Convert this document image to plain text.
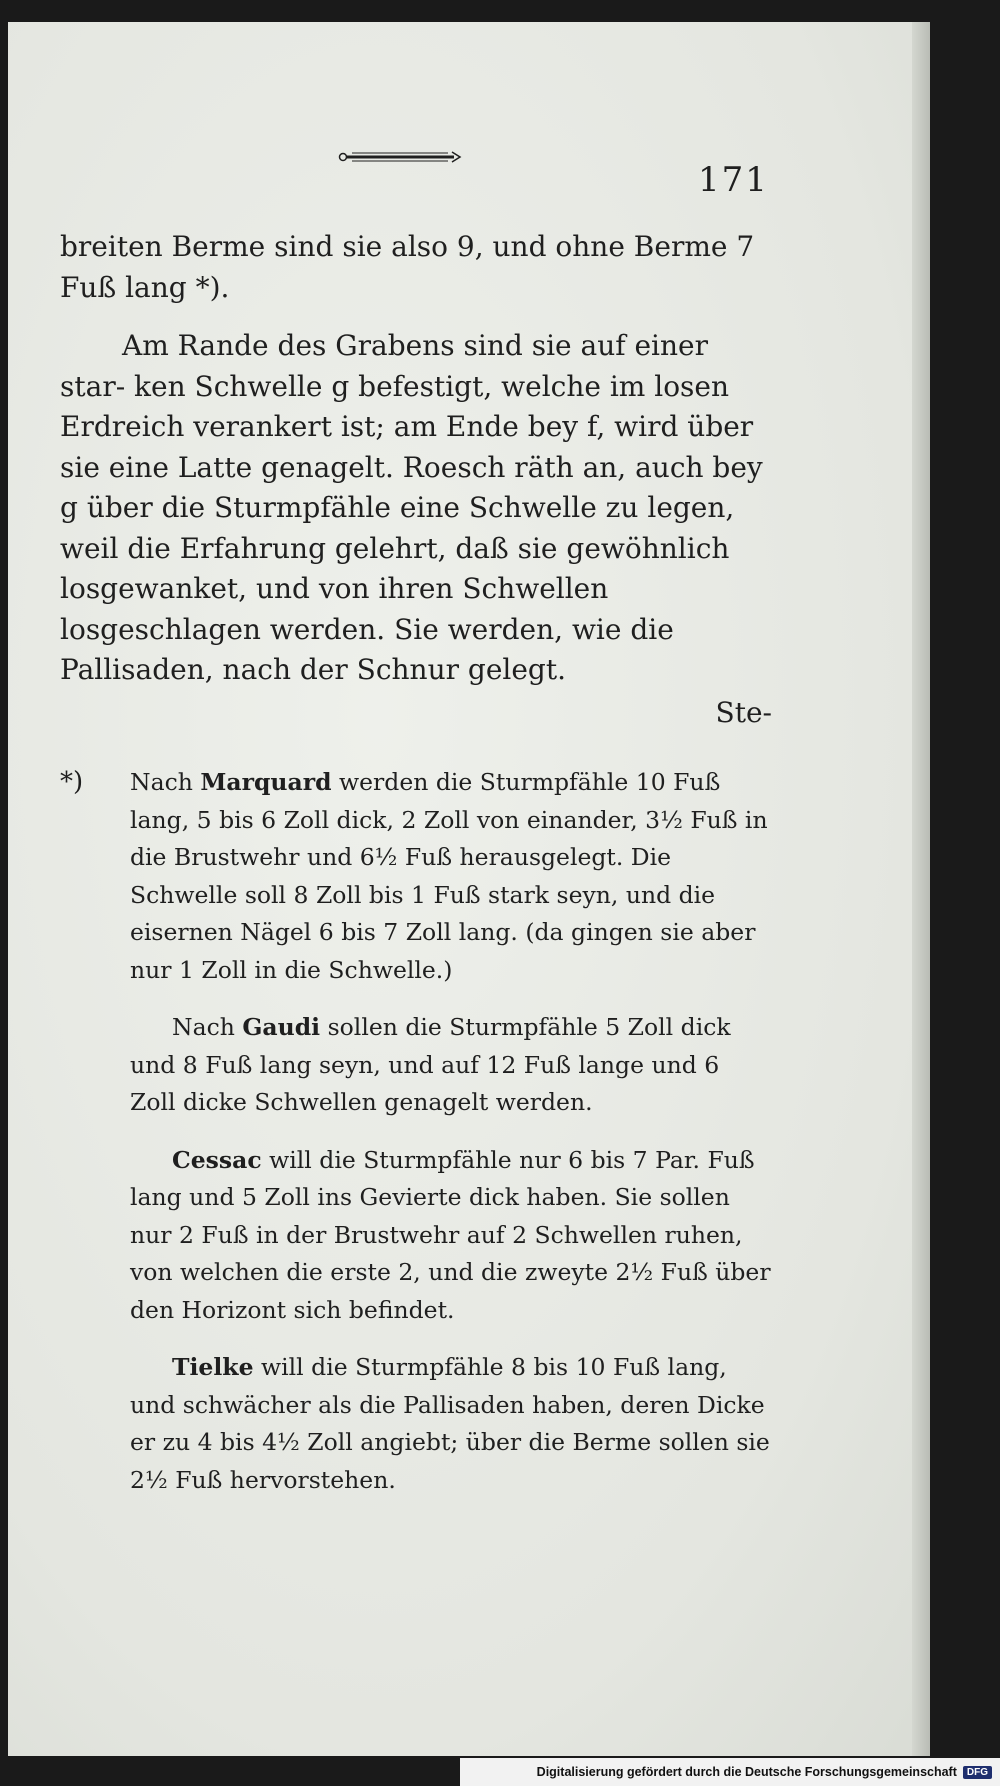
171

breiten Berme sind sie also 9, und ohne Berme 7 Fuß lang *).

Am Rande des Grabens sind sie auf einer star- ken Schwelle g befestigt, welche im losen Erdreich verankert ist; am Ende bey f, wird über sie eine Latte genagelt. Roesch räth an, auch bey g über die Sturmpfähle eine Schwelle zu legen, weil die Erfahrung gelehrt, daß sie gewöhnlich losgewanket, und von ihren Schwellen losgeschlagen werden. Sie werden, wie die Pallisaden, nach der Schnur gelegt.

Ste-

*) Nach Marquard werden die Sturmpfähle 10 Fuß lang, 5 bis 6 Zoll dick, 2 Zoll von einander, 3½ Fuß in die Brustwehr und 6½ Fuß herausgelegt. Die Schwelle soll 8 Zoll bis 1 Fuß stark seyn, und die eisernen Nägel 6 bis 7 Zoll lang. (da gingen sie aber nur 1 Zoll in die Schwelle.)

Nach Gaudi sollen die Sturmpfähle 5 Zoll dick und 8 Fuß lang seyn, und auf 12 Fuß lange und 6 Zoll dicke Schwellen genagelt werden.

Cessac will die Sturmpfähle nur 6 bis 7 Par. Fuß lang und 5 Zoll ins Gevierte dick haben. Sie sollen nur 2 Fuß in der Brustwehr auf 2 Schwellen ruhen, von welchen die erste 2, und die zweyte 2½ Fuß über den Horizont sich befindet.

Tielke will die Sturmpfähle 8 bis 10 Fuß lang, und schwächer als die Pallisaden haben, deren Dicke er zu 4 bis 4½ Zoll angiebt; über die Berme sollen sie 2½ Fuß hervorstehen.

Digitalisierung gefördert durch die Deutsche Forschungsgemeinschaft	DFG
